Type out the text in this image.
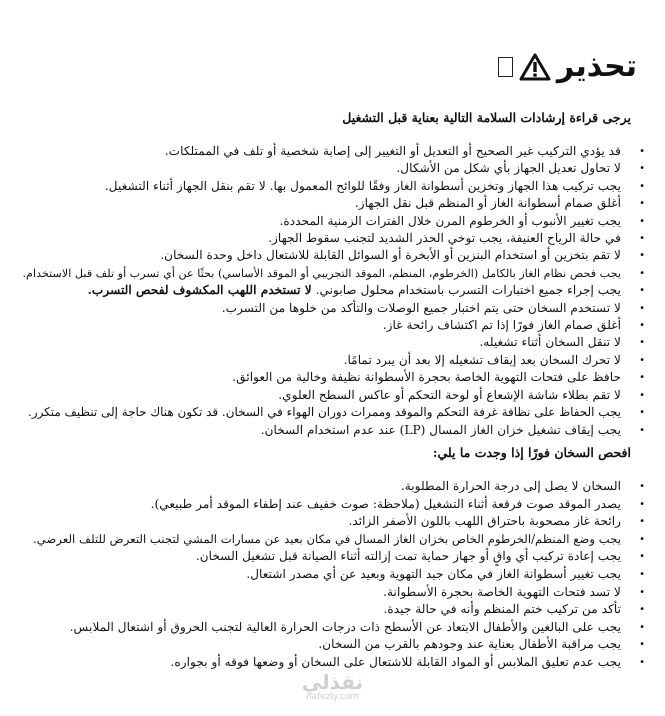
تحذير
يرجى قراءة إرشادات السلامة التالية بعناية قبل التشغيل
•
قد يؤدي التركيب غير الصحيح أو التعديل أو التغيير إلى إصابة شخصية أو تلف في الممتلكات.
•
لا تحاول تعديل الجهاز بأي شكل من الأشكال.
•
يجب تركيب هذا الجهاز وتخزين أسطوانة الغاز وفقًا للوائح المعمول بها. لا تقم بنقل الجهاز أثناء التشغيل.
•
أغلق صمام أسطوانة الغاز أو المنظم قبل نقل الجهاز.
•
يجب تغيير الأنبوب أو الخرطوم المرن خلال الفترات الزمنية المحددة.
•
في حالة الرياح العنيفة، يجب توخي الحذر الشديد لتجنب سقوط الجهاز.
•
لا تقم بتخزين أو استخدام البنزين أو الأبخرة أو السوائل القابلة للاشتعال داخل وحدة السخان.
•
يجب فحص نظام الغاز بالكامل (الخرطوم، المنظم، الموقد التجريبي أو الموقد الأساسي) بحثًا عن أي تسرب أو تلف قبل الاستخدام.
•
يجب إجراء جميع اختبارات التسرب باستخدام محلول صابوني. لا تستخدم اللهب المكشوف لفحص التسرب.
•
لا تستخدم السخان حتى يتم اختبار جميع الوصلات والتأكد من خلوها من التسرب.
•
أغلق صمام الغاز فورًا إذا تم اكتشاف رائحة غاز.
•
لا تنقل السخان أثناء تشغيله.
•
لا تحرك السخان بعد إيقاف تشغيله إلا بعد أن يبرد تمامًا.
•
حافظ على فتحات التهوية الخاصة بحجرة الأسطوانة نظيفة وخالية من العوائق.
•
لا تقم بطلاء شاشة الإشعاع أو لوحة التحكم أو عاكس السطح العلوي.
•
يجب الحفاظ على نظافة غرفة التحكم والموقد وممرات دوران الهواء في السخان. قد تكون هناك حاجة إلى تنظيف متكرر.
•
يجب إيقاف تشغيل خزان الغاز المسال (LP) عند عدم استخدام السخان.
افحص السخان فورًا إذا وجدت ما يلي:
•
السخان لا يصل إلى درجة الحرارة المطلوبة.
•
يصدر الموقد صوت فرقعة أثناء التشغيل (ملاحظة: صوت خفيف عند إطفاء الموقد أمر طبيعي).
•
رائحة غاز مصحوبة باحتراق اللهب باللون الأصفر الزائد.
•
يجب وضع المنظم/الخرطوم الخاص بخزان الغاز المسال في مكان بعيد عن مسارات المشي لتجنب التعرض للتلف العرضي.
•
يجب إعادة تركيب أي واقٍ أو جهاز حماية تمت إزالته أثناء الصيانة قبل تشغيل السخان.
•
يجب تغيير أسطوانة الغاز في مكان جيد التهوية وبعيد عن أي مصدر اشتعال.
•
لا تسد فتحات التهوية الخاصة بحجرة الأسطوانة.
•
تأكد من تركيب ختم المنظم وأنه في حالة جيدة.
•
يجب على البالغين والأطفال الابتعاد عن الأسطح ذات درجات الحرارة العالية لتجنب الحروق أو اشتعال الملابس.
•
يجب مراقبة الأطفال بعناية عند وجودهم بالقرب من السخان.
•
يجب عدم تعليق الملابس أو المواد القابلة للاشتعال على السخان أو وضعها فوقه أو بجواره.
نفذلي
nafezly.com
